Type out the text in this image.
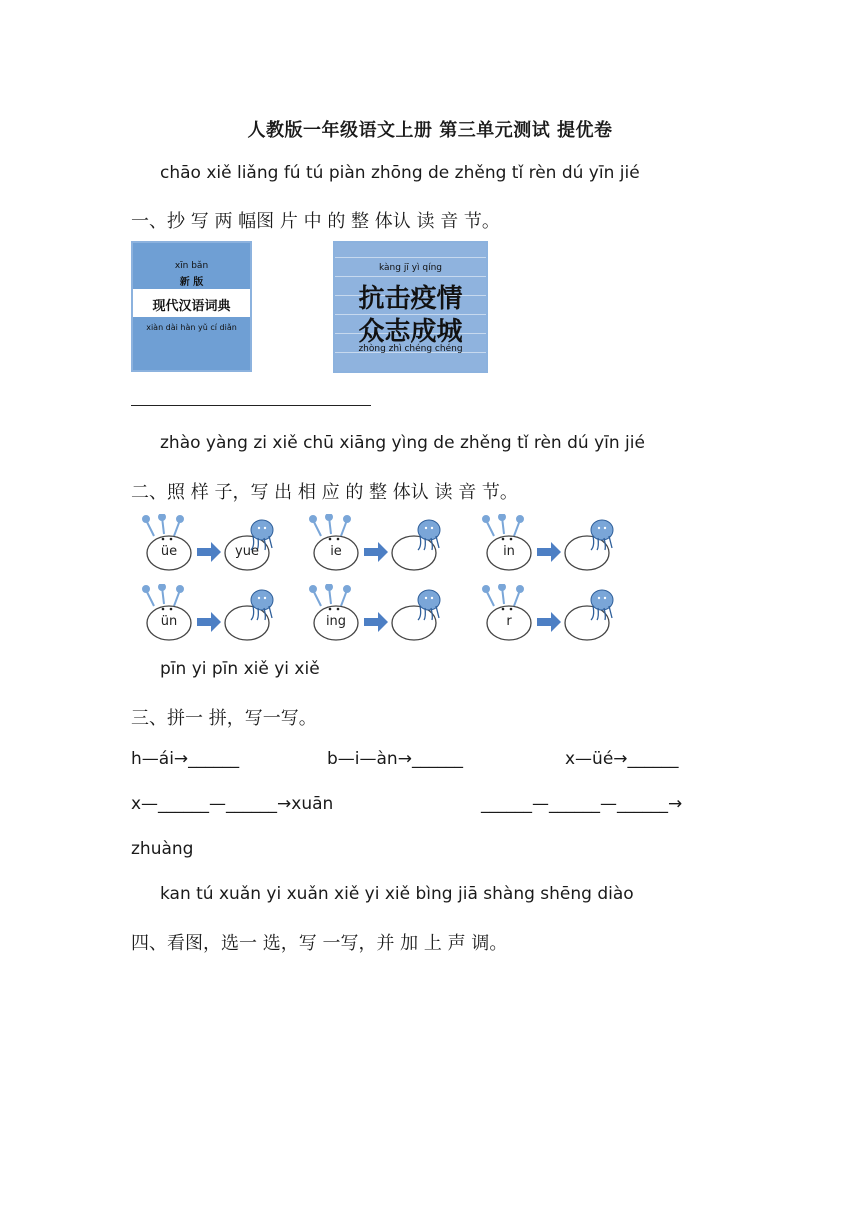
人教版一年级语文上册 第三单元测试 提优卷
chāo xiě liǎng fú tú piàn zhōng de zhěng tǐ rèn dú yīn jié
一、抄 写 两 幅图 片 中 的 整 体认 读 音 节。
xīn bǎn
新 版
现代汉语词典
xiàn dài hàn yǔ cí diǎn
kàng jī yì qíng
抗击疫情
众志成城
zhòng zhì chéng chéng
zhào yàng zi xiě chū xiāng yìng de zhěng tǐ rèn dú yīn jié
二、照 样 子，写 出 相 应 的 整 体认 读 音 节。
üe	yue	ie	in
ün	ing	r
pīn yi pīn xiě yi xiě
三、拼一 拼，写一写。
h—ái→______	b—i—àn→______	x—üé→______
x—______—______→xuān	______—______—______→
zhuàng
kan tú xuǎn yi xuǎn xiě yi xiě bìng jiā shàng shēng diào
四、看图，选一 选，写 一写，并 加 上 声 调。
